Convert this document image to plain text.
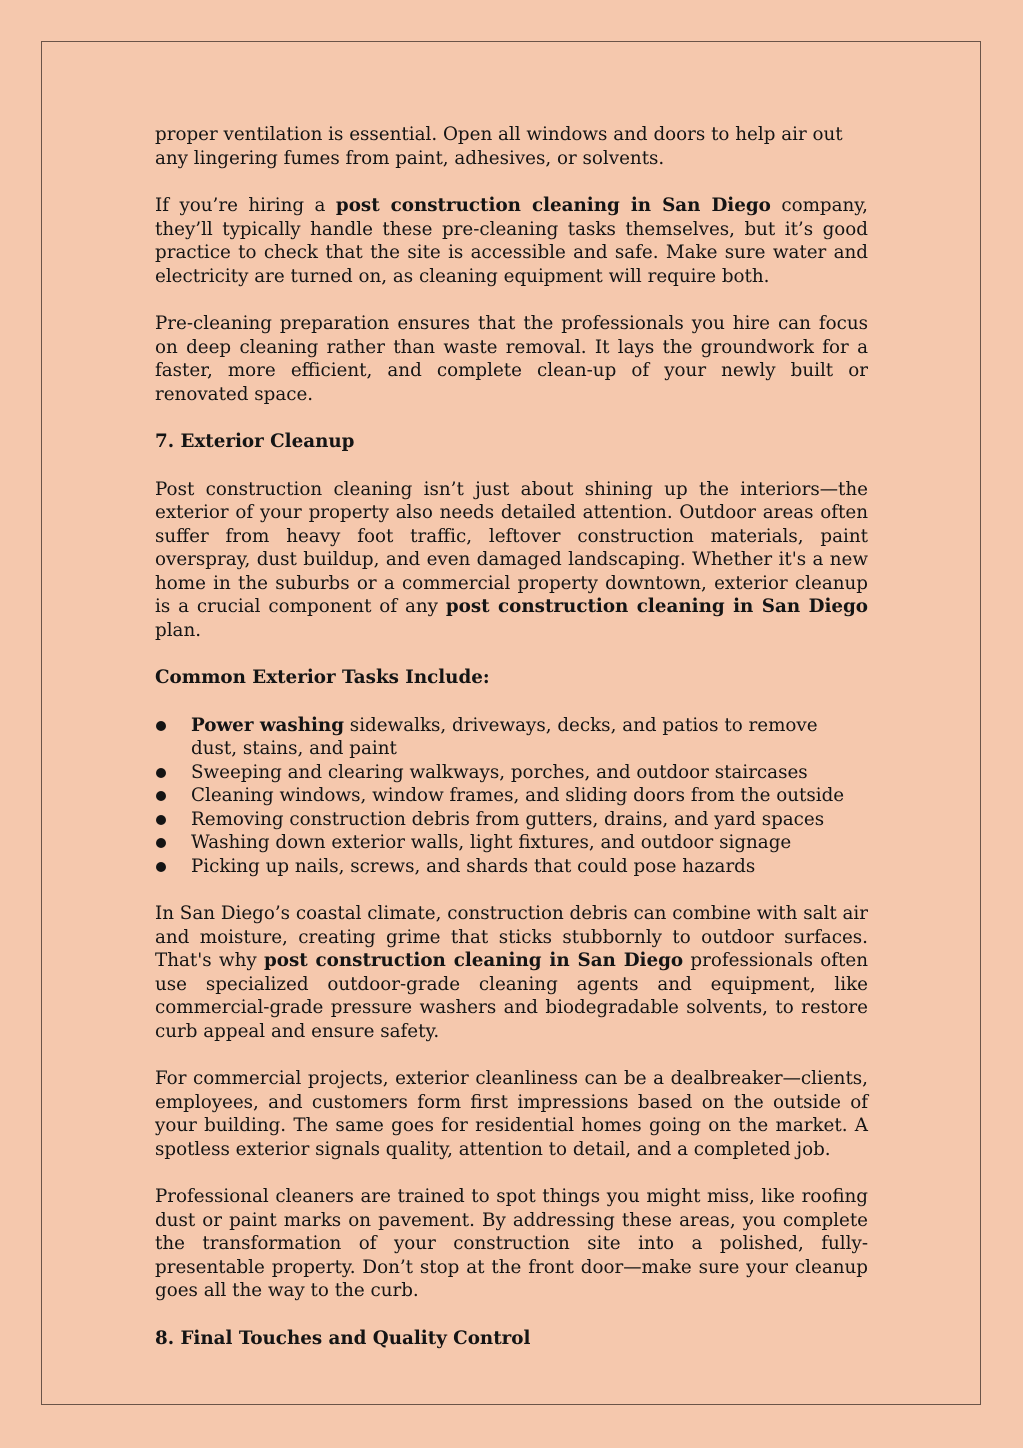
proper ventilation is essential. Open all windows and doors to help air out any lingering fumes from paint, adhesives, or solvents.

If you’re hiring a post construction cleaning in San Diego company, they’ll typically handle these pre-cleaning tasks themselves, but it’s good practice to check that the site is accessible and safe. Make sure water and electricity are turned on, as cleaning equipment will require both.

Pre-cleaning preparation ensures that the professionals you hire can focus on deep cleaning rather than waste removal. It lays the groundwork for a faster, more efficient, and complete clean-up of your newly built or renovated space.

7. Exterior Cleanup

Post construction cleaning isn’t just about shining up the interiors—the exterior of your property also needs detailed attention. Outdoor areas often suffer from heavy foot traffic, leftover construction materials, paint overspray, dust buildup, and even damaged landscaping. Whether it's a new home in the suburbs or a commercial property downtown, exterior cleanup is a crucial component of any post construction cleaning in San Diego plan.

Common Exterior Tasks Include:
Power washing sidewalks, driveways, decks, and patios to remove dust, stains, and paint
Sweeping and clearing walkways, porches, and outdoor staircases
Cleaning windows, window frames, and sliding doors from the outside
Removing construction debris from gutters, drains, and yard spaces
Washing down exterior walls, light fixtures, and outdoor signage
Picking up nails, screws, and shards that could pose hazards

In San Diego’s coastal climate, construction debris can combine with salt air and moisture, creating grime that sticks stubbornly to outdoor surfaces. That's why post construction cleaning in San Diego professionals often use specialized outdoor-grade cleaning agents and equipment, like commercial-grade pressure washers and biodegradable solvents, to restore curb appeal and ensure safety.

For commercial projects, exterior cleanliness can be a dealbreaker—clients, employees, and customers form first impressions based on the outside of your building. The same goes for residential homes going on the market. A spotless exterior signals quality, attention to detail, and a completed job.

Professional cleaners are trained to spot things you might miss, like roofing dust or paint marks on pavement. By addressing these areas, you complete the transformation of your construction site into a polished, fully-presentable property. Don’t stop at the front door—make sure your cleanup goes all the way to the curb.

8. Final Touches and Quality Control
